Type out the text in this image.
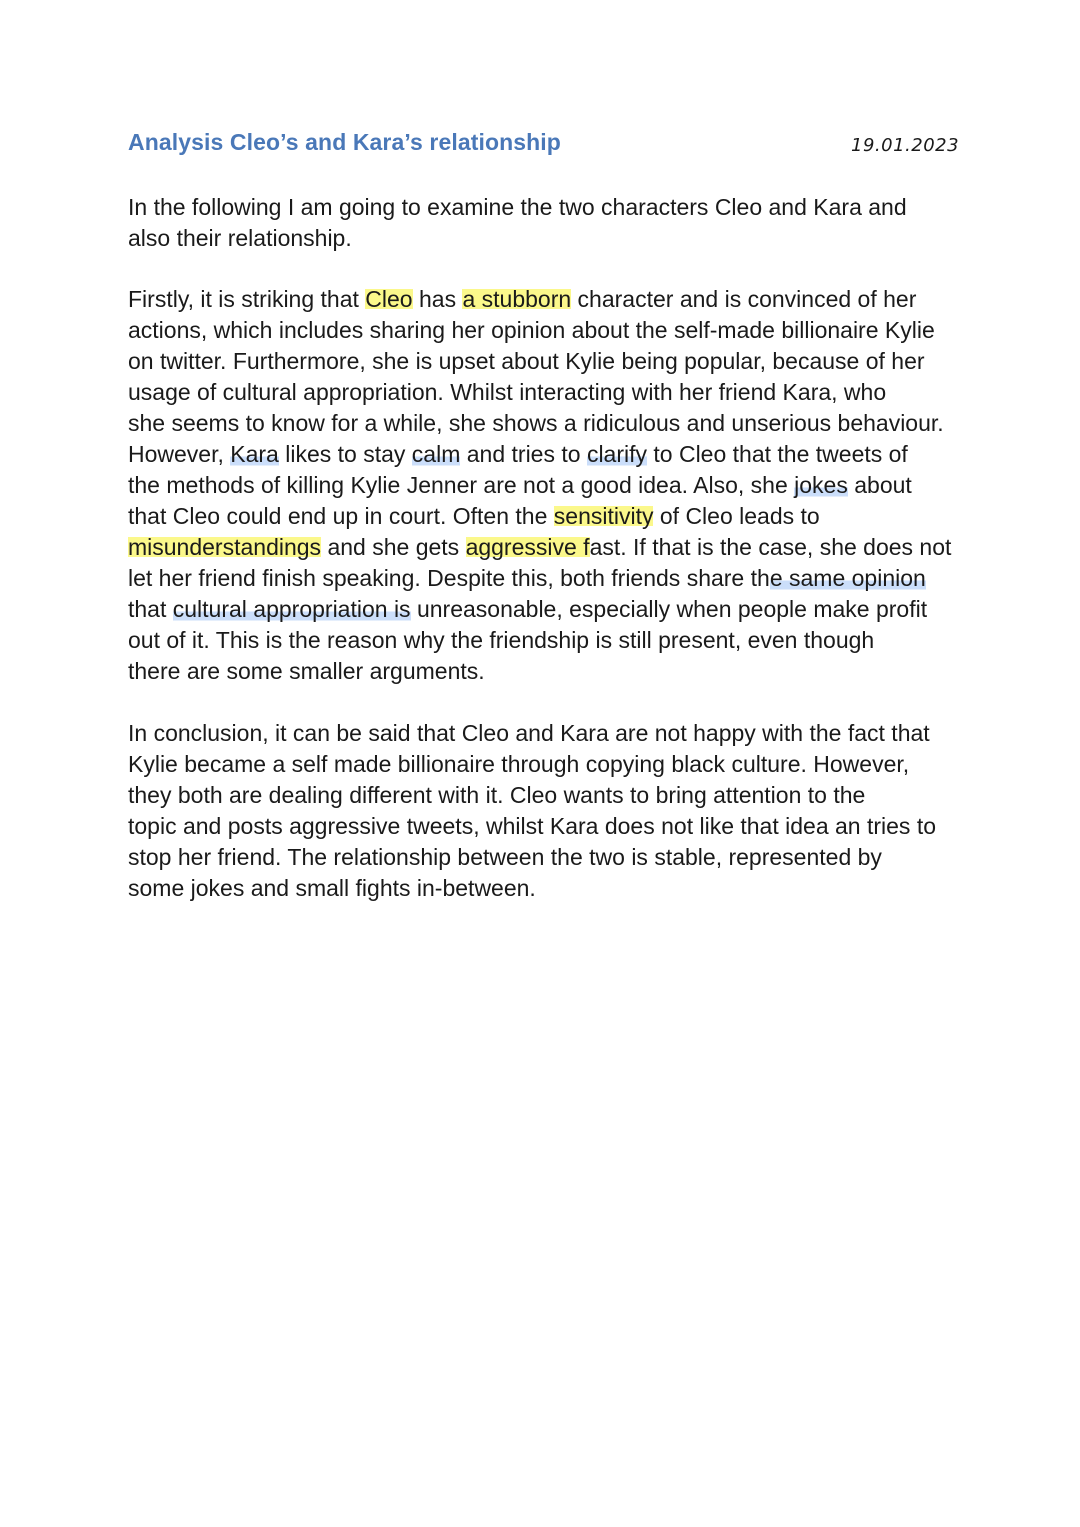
Analysis Cleo’s and Kara’s relationship	19.01.2023
In the following I am going to examine the two characters Cleo and Kara and
also their relationship.
Firstly, it is striking that Cleo has a stubborn character and is convinced of her
actions, which includes sharing her opinion about the self-made billionaire Kylie
on twitter. Furthermore, she is upset about Kylie being popular, because of her
usage of cultural appropriation. Whilst interacting with her friend Kara, who
she seems to know for a while, she shows a ridiculous and unserious behaviour.
However, Kara likes to stay calm and tries to clarify to Cleo that the tweets of
the methods of killing Kylie Jenner are not a good idea. Also, she jokes about
that Cleo could end up in court. Often the sensitivity of Cleo leads to
misunderstandings and she gets aggressive fast. If that is the case, she does not
let her friend finish speaking. Despite this, both friends share the same opinion
that cultural appropriation is unreasonable, especially when people make profit
out of it. This is the reason why the friendship is still present, even though
there are some smaller arguments.
In conclusion, it can be said that Cleo and Kara are not happy with the fact that
Kylie became a self made billionaire through copying black culture. However,
they both are dealing different with it. Cleo wants to bring attention to the
topic and posts aggressive tweets, whilst Kara does not like that idea an tries to
stop her friend. The relationship between the two is stable, represented by
some jokes and small fights in-between.
